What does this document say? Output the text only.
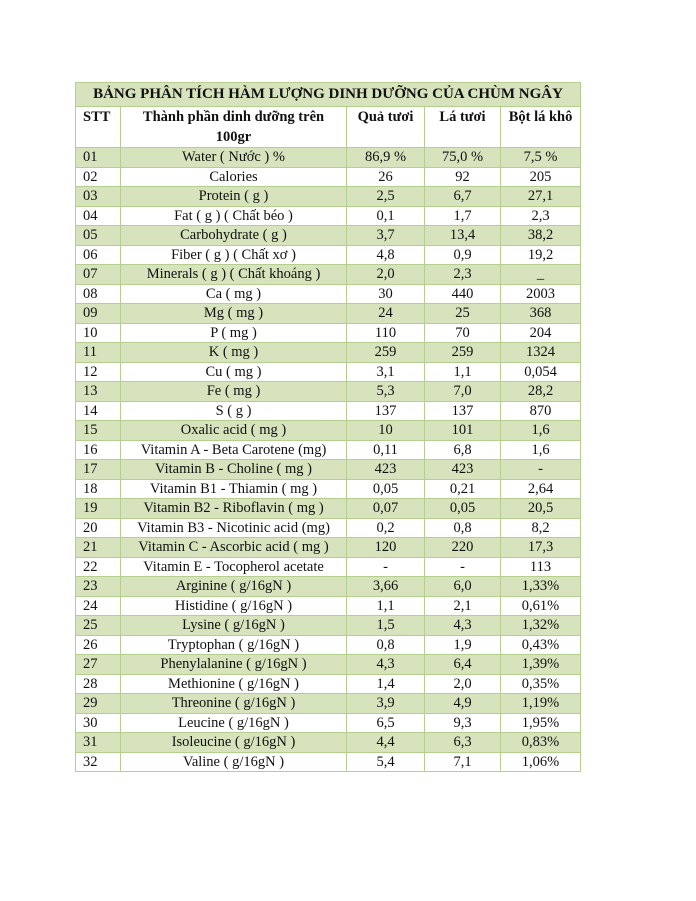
BẢNG PHÂN TÍCH HÀM LƯỢNG DINH DƯỠNG CỦA CHÙM NGÂY				
STT	Thành phần dinh dưỡng trên 100gr	Quả tươi	Lá tươi	Bột lá khô
01	Water ( Nước ) %	86,9 %	75,0 %	7,5 %
02	Calories	26	92	205
03	Protein ( g )	2,5	6,7	27,1
04	Fat ( g ) ( Chất béo )	0,1	1,7	2,3
05	Carbohydrate ( g )	3,7	13,4	38,2
06	Fiber ( g ) ( Chất xơ )	4,8	0,9	19,2
07	Minerals ( g ) ( Chất khoáng )	2,0	2,3	_
08	Ca ( mg )	30	440	2003
09	Mg ( mg )	24	25	368
10	P ( mg )	110	70	204
11	K ( mg )	259	259	1324
12	Cu ( mg )	3,1	1,1	0,054
13	Fe ( mg )	5,3	7,0	28,2
14	S ( g )	137	137	870
15	Oxalic acid ( mg )	10	101	1,6
16	Vitamin A - Beta Carotene (mg)	0,11	6,8	1,6
17	Vitamin B - Choline ( mg )	423	423	-
18	Vitamin B1 - Thiamin ( mg )	0,05	0,21	2,64
19	Vitamin B2 - Riboflavin ( mg )	0,07	0,05	20,5
20	Vitamin B3 - Nicotinic acid (mg)	0,2	0,8	8,2
21	Vitamin C - Ascorbic acid ( mg )	120	220	17,3
22	Vitamin E - Tocopherol acetate	-	-	113
23	Arginine ( g/16gN )	3,66	6,0	1,33%
24	Histidine ( g/16gN )	1,1	2,1	0,61%
25	Lysine ( g/16gN )	1,5	4,3	1,32%
26	Tryptophan ( g/16gN )	0,8	1,9	0,43%
27	Phenylalanine ( g/16gN )	4,3	6,4	1,39%
28	Methionine ( g/16gN )	1,4	2,0	0,35%
29	Threonine ( g/16gN )	3,9	4,9	1,19%
30	Leucine ( g/16gN )	6,5	9,3	1,95%
31	Isoleucine ( g/16gN )	4,4	6,3	0,83%
32	Valine ( g/16gN )	5,4	7,1	1,06%
